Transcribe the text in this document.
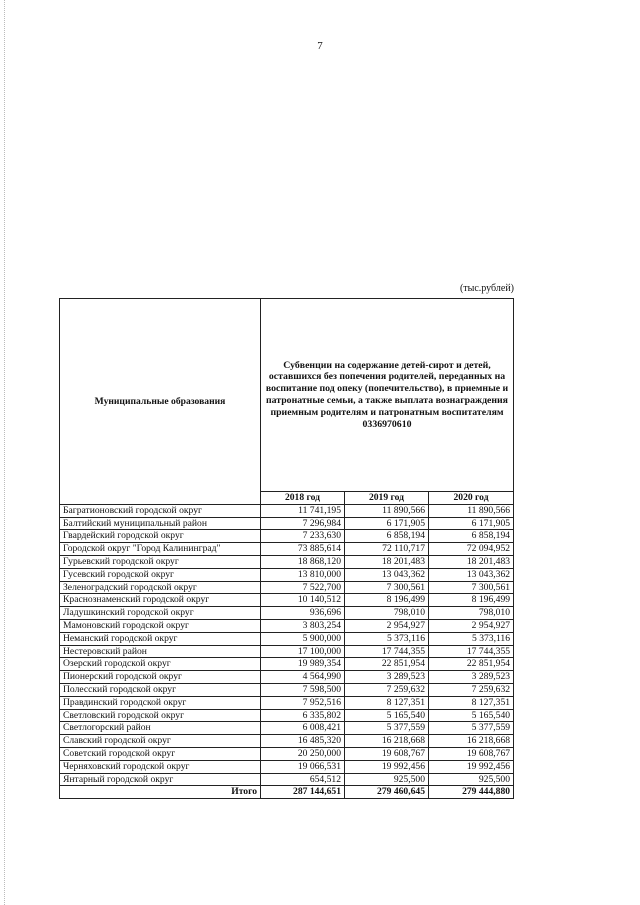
7
(тыс.рублей)
Муниципальные образования	Субвенции на содержание детей-сирот и детей, оставшихся без попечения родителей, переданных на воспитание под опеку (попечительство), в приемные и патронатные семьи, а также выплата вознаграждения приемным родителям и патронатным воспитателям 0336970610		
	2018 год	2019 год	2020 год
Багратионовский городской округ	11 741,195	11 890,566	11 890,566
Балтийский муниципальный район	7 296,984	6 171,905	6 171,905
Гвардейский городской округ	7 233,630	6 858,194	6 858,194
Городской округ "Город Калининград"	73 885,614	72 110,717	72 094,952
Гурьевский городской округ	18 868,120	18 201,483	18 201,483
Гусевский городской округ	13 810,000	13 043,362	13 043,362
Зеленоградский городской округ	7 522,700	7 300,561	7 300,561
Краснознаменский городской округ	10 140,512	8 196,499	8 196,499
Ладушкинский городской округ	936,696	798,010	798,010
Мамоновский городской округ	3 803,254	2 954,927	2 954,927
Неманский городской округ	5 900,000	5 373,116	5 373,116
Нестеровский район	17 100,000	17 744,355	17 744,355
Озерский городской округ	19 989,354	22 851,954	22 851,954
Пионерский городской округ	4 564,990	3 289,523	3 289,523
Полесский городской округ	7 598,500	7 259,632	7 259,632
Правдинский городской округ	7 952,516	8 127,351	8 127,351
Светловский городской округ	6 335,802	5 165,540	5 165,540
Светлогорский район	6 008,421	5 377,559	5 377,559
Славский городской округ	16 485,320	16 218,668	16 218,668
Советский городской округ	20 250,000	19 608,767	19 608,767
Черняховский городской округ	19 066,531	19 992,456	19 992,456
Янтарный городской округ	654,512	925,500	925,500
Итого	287 144,651	279 460,645	279 444,880
